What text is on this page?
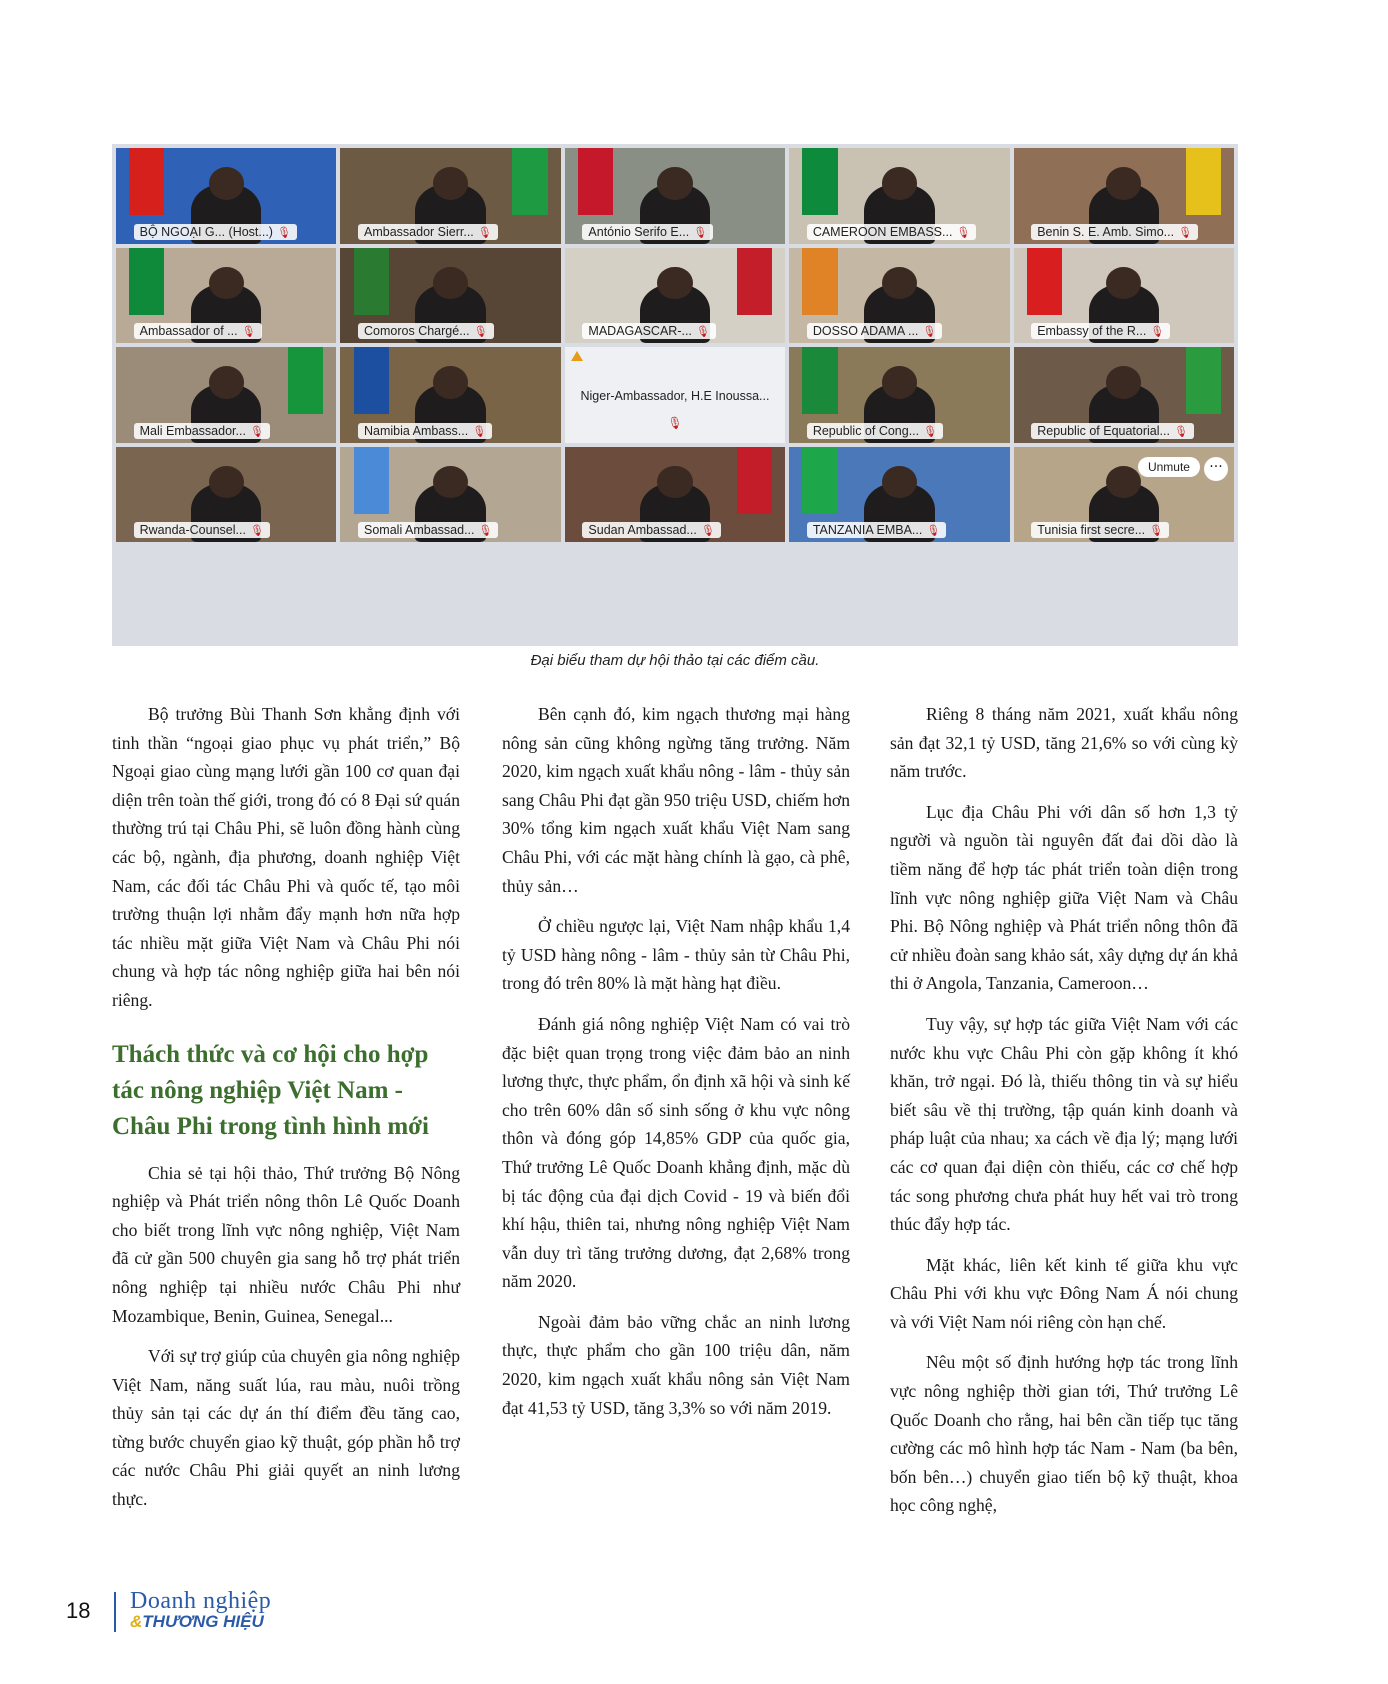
BỘ NGOẠI G... (Host...) 🎙	Ambassador Sierr... 🎙	António Serifo E... 🎙	CAMEROON EMBASS... 🎙	Benin S. E. Amb. Simo... 🎙
Ambassador of ... 🎙	Comoros Chargé... 🎙	MADAGASCAR-... 🎙	DOSSO ADAMA ... 🎙	Embassy of the R... 🎙
Mali Embassador... 🎙	Namibia Ambass... 🎙
Niger-Ambassador, H.E Inoussa...
🎙
Republic of Cong... 🎙	Republic of Equatorial... 🎙
Rwanda-Counsel... 🎙	Somali Ambassad... 🎙	Sudan Ambassad... 🎙	TANZANIA EMBA... 🎙	Tunisia first secre... 🎙
Unmute	···
Đại biểu tham dự hội thảo tại các điểm cầu.

Bộ trưởng Bùi Thanh Sơn khẳng định với tinh thần “ngoại giao phục vụ phát triển,” Bộ Ngoại giao cùng mạng lưới gần 100 cơ quan đại diện trên toàn thế giới, trong đó có 8 Đại sứ quán thường trú tại Châu Phi, sẽ luôn đồng hành cùng các bộ, ngành, địa phương, doanh nghiệp Việt Nam, các đối tác Châu Phi và quốc tế, tạo môi trường thuận lợi nhằm đẩy mạnh hơn nữa hợp tác nhiều mặt giữa Việt Nam và Châu Phi nói chung và hợp tác nông nghiệp giữa hai bên nói riêng.

Thách thức và cơ hội cho hợp tác nông nghiệp Việt Nam - Châu Phi trong tình hình mới

Chia sẻ tại hội thảo, Thứ trưởng Bộ Nông nghiệp và Phát triển nông thôn Lê Quốc Doanh cho biết trong lĩnh vực nông nghiệp, Việt Nam đã cử gần 500 chuyên gia sang hỗ trợ phát triển nông nghiệp tại nhiều nước Châu Phi như Mozambique, Benin, Guinea, Senegal...

Với sự trợ giúp của chuyên gia nông nghiệp Việt Nam, năng suất lúa, rau màu, nuôi trồng thủy sản tại các dự án thí điểm đều tăng cao, từng bước chuyển giao kỹ thuật, góp phần hỗ trợ các nước Châu Phi giải quyết an ninh lương thực.

Bên cạnh đó, kim ngạch thương mại hàng nông sản cũng không ngừng tăng trưởng. Năm 2020, kim ngạch xuất khẩu nông - lâm - thủy sản sang Châu Phi đạt gần 950 triệu USD, chiếm hơn 30% tổng kim ngạch xuất khẩu Việt Nam sang Châu Phi, với các mặt hàng chính là gạo, cà phê, thủy sản…

Ở chiều ngược lại, Việt Nam nhập khẩu 1,4 tỷ USD hàng nông - lâm - thủy sản từ Châu Phi, trong đó trên 80% là mặt hàng hạt điều.

Đánh giá nông nghiệp Việt Nam có vai trò đặc biệt quan trọng trong việc đảm bảo an ninh lương thực, thực phẩm, ổn định xã hội và sinh kế cho trên 60% dân số sinh sống ở khu vực nông thôn và đóng góp 14,85% GDP của quốc gia, Thứ trưởng Lê Quốc Doanh khẳng định, mặc dù bị tác động của đại dịch Covid - 19 và biến đổi khí hậu, thiên tai, nhưng nông nghiệp Việt Nam vẫn duy trì tăng trưởng dương, đạt 2,68% trong năm 2020.

Ngoài đảm bảo vững chắc an ninh lương thực, thực phẩm cho gần 100 triệu dân, năm 2020, kim ngạch xuất khẩu nông sản Việt Nam đạt 41,53 tỷ USD, tăng 3,3% so với năm 2019.

Riêng 8 tháng năm 2021, xuất khẩu nông sản đạt 32,1 tỷ USD, tăng 21,6% so với cùng kỳ năm trước.

Lục địa Châu Phi với dân số hơn 1,3 tỷ người và nguồn tài nguyên đất đai dồi dào là tiềm năng để hợp tác phát triển toàn diện trong lĩnh vực nông nghiệp giữa Việt Nam và Châu Phi. Bộ Nông nghiệp và Phát triển nông thôn đã cử nhiều đoàn sang khảo sát, xây dựng dự án khả thi ở Angola, Tanzania, Cameroon…

Tuy vậy, sự hợp tác giữa Việt Nam với các nước khu vực Châu Phi còn gặp không ít khó khăn, trở ngại. Đó là, thiếu thông tin và sự hiểu biết sâu về thị trường, tập quán kinh doanh và pháp luật của nhau; xa cách về địa lý; mạng lưới các cơ quan đại diện còn thiếu, các cơ chế hợp tác song phương chưa phát huy hết vai trò trong thúc đẩy hợp tác.

Mặt khác, liên kết kinh tế giữa khu vực Châu Phi với khu vực Đông Nam Á nói chung và với Việt Nam nói riêng còn hạn chế.

Nêu một số định hướng hợp tác trong lĩnh vực nông nghiệp thời gian tới, Thứ trưởng Lê Quốc Doanh cho rằng, hai bên cần tiếp tục tăng cường các mô hình hợp tác Nam - Nam (ba bên, bốn bên…) chuyển giao tiến bộ kỹ thuật, khoa học công nghệ,

18 Doanh nghiệp
&THƯƠNG HIỆU
